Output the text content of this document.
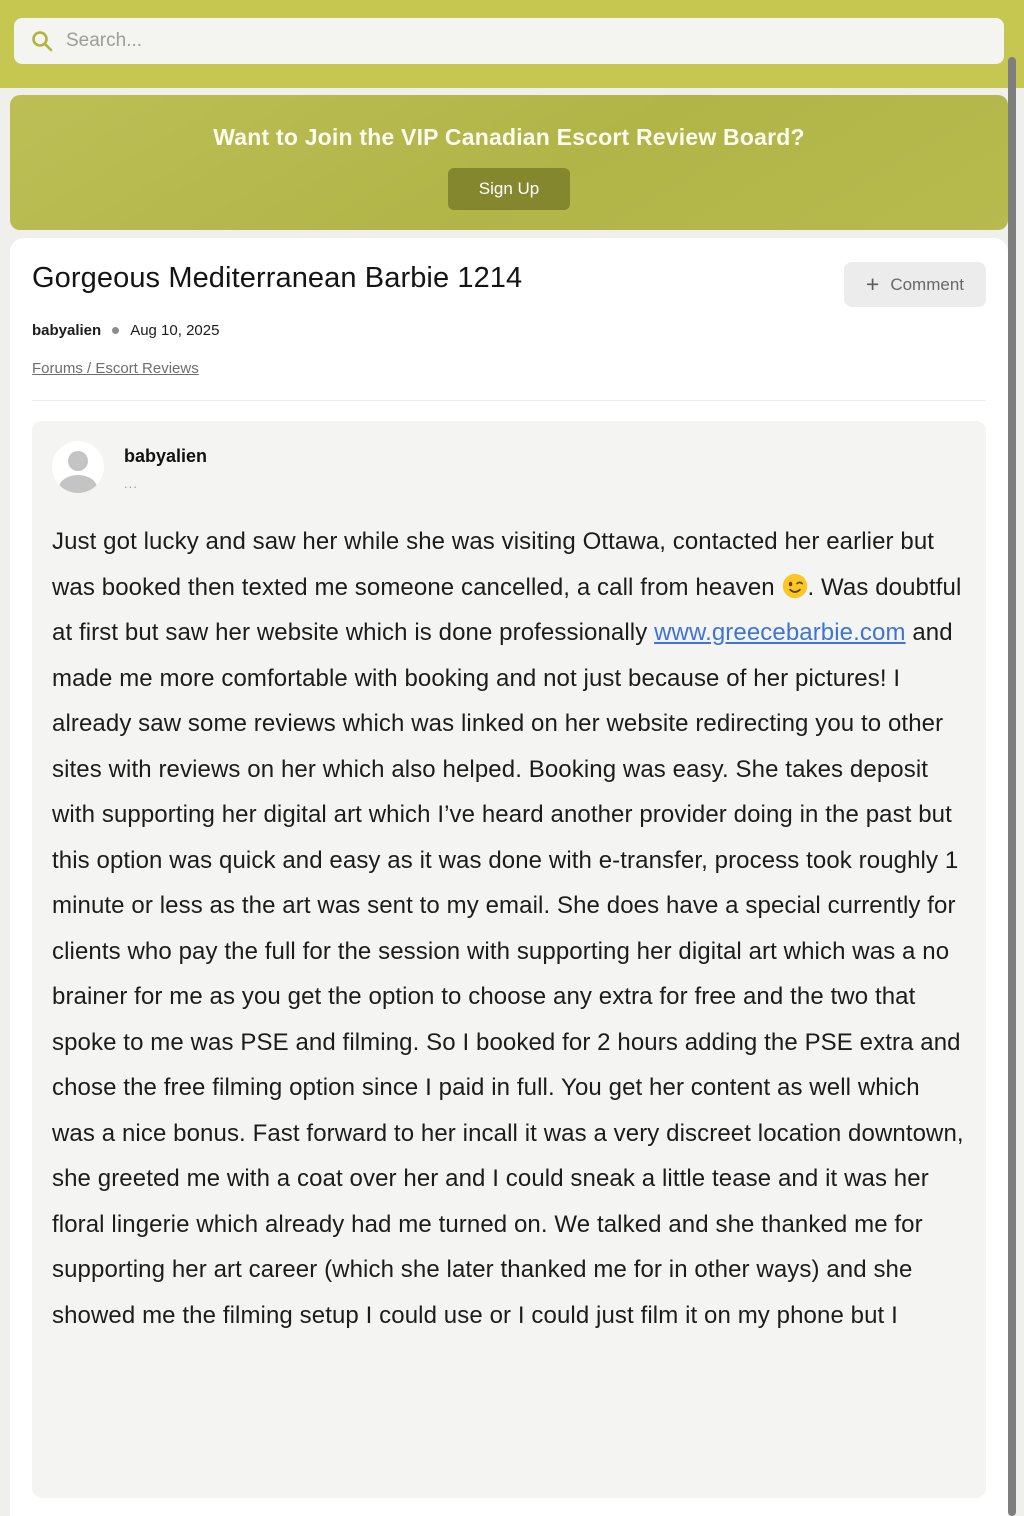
Search...
Want to Join the VIP Canadian Escort Review Board?
Sign Up
Gorgeous Mediterranean Barbie 1214	+ Comment
babyalien Aug 10, 2025
Forums / Escort Reviews
babyalien
...
Just got lucky and saw her while she was visiting Ottawa, contacted her earlier but was booked then texted me someone cancelled, a call from heaven . Was doubtful at first but saw her website which is done professionally www.greecebarbie.com and made me more comfortable with booking and not just because of her pictures! I already saw some reviews which was linked on her website redirecting you to other sites with reviews on her which also helped. Booking was easy. She takes deposit with supporting her digital art which I’ve heard another provider doing in the past but this option was quick and easy as it was done with e-transfer, process took roughly 1 minute or less as the art was sent to my email. She does have a special currently for clients who pay the full for the session with supporting her digital art which was a no brainer for me as you get the option to choose any extra for free and the two that spoke to me was PSE and filming. So I booked for 2 hours adding the PSE extra and chose the free filming option since I paid in full. You get her content as well which was a nice bonus. Fast forward to her incall it was a very discreet location downtown, she greeted me with a coat over her and I could sneak a little tease and it was her floral lingerie which already had me turned on. We talked and she thanked me for supporting her art career (which she later thanked me for in other ways) and she showed me the filming setup I could use or I could just film it on my phone but I
